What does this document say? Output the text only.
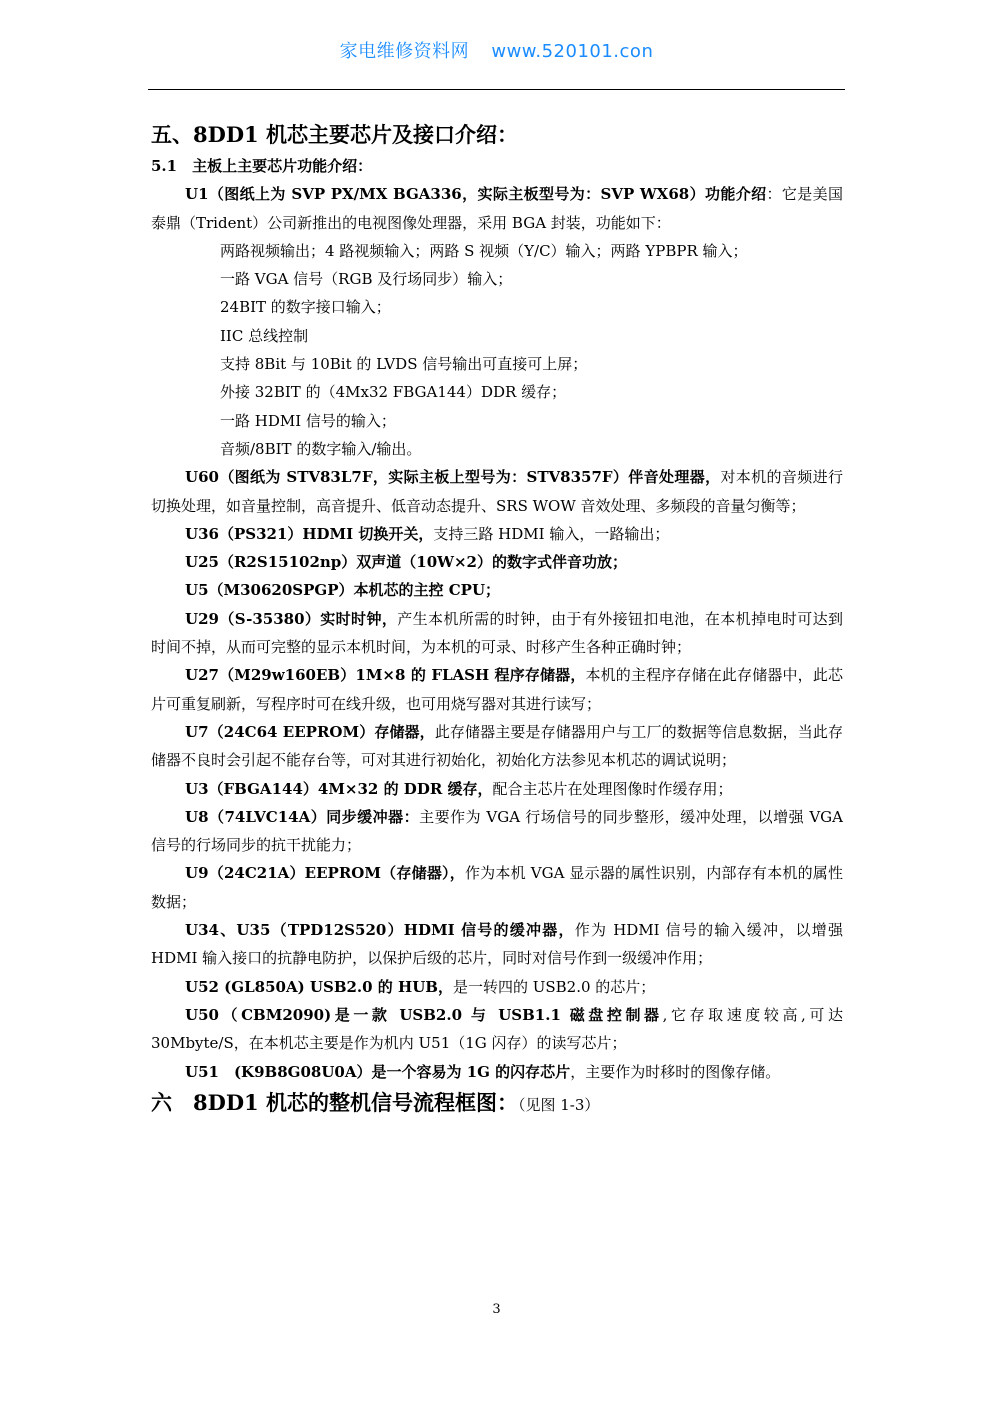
家电维修资料网 www.520101.con

五、8DD1 机芯主要芯片及接口介绍：

5.1　主板上主要芯片功能介绍：

U1（图纸上为 SVP PX/MX BGA336，实际主板型号为：SVP WX68）功能介绍：它是美国泰鼎（Trident）公司新推出的电视图像处理器，采用 BGA 封装，功能如下：

两路视频输出；4 路视频输入；两路 S 视频（Y/C）输入；两路 YPBPR 输入；

一路 VGA 信号（RGB 及行场同步）输入；

24BIT 的数字接口输入；

IIC 总线控制

支持 8Bit 与 10Bit 的 LVDS 信号输出可直接可上屏；

外接 32BIT 的（4Mx32 FBGA144）DDR 缓存；

一路 HDMI 信号的输入；

音频/8BIT 的数字输入/输出。

U60（图纸为 STV83L7F，实际主板上型号为：STV8357F）伴音处理器，对本机的音频进行切换处理，如音量控制，高音提升、低音动态提升、SRS WOW 音效处理、多频段的音量匀衡等；

U36（PS321）HDMI 切换开关，支持三路 HDMI 输入，一路输出；

U25（R2S15102np）双声道（10W×2）的数字式伴音功放；

U5（M30620SPGP）本机芯的主控 CPU；

U29（S-35380）实时时钟，产生本机所需的时钟，由于有外接钮扣电池，在本机掉电时可达到时间不掉，从而可完整的显示本机时间，为本机的可录、时移产生各种正确时钟；

U27（M29w160EB）1M×8 的 FLASH 程序存储器，本机的主程序存储在此存储器中，此芯片可重复刷新，写程序时可在线升级，也可用烧写器对其进行读写；

U7（24C64 EEPROM）存储器，此存储器主要是存储器用户与工厂的数据等信息数据，当此存储器不良时会引起不能存台等，可对其进行初始化，初始化方法参见本机芯的调试说明；

U3（FBGA144）4M×32 的 DDR 缓存，配合主芯片在处理图像时作缓存用；

U8（74LVC14A）同步缓冲器：主要作为 VGA 行场信号的同步整形，缓冲处理，以增强 VGA 信号的行场同步的抗干扰能力；

U9（24C21A）EEPROM（存储器），作为本机 VGA 显示器的属性识别，内部存有本机的属性数据；

U34、U35（TPD12S520）HDMI 信号的缓冲器，作为 HDMI 信号的输入缓冲，以增强 HDMI 输入接口的抗静电防护，以保护后级的芯片，同时对信号作到一级缓冲作用；

U52 (GL850A) USB2.0 的 HUB，是一转四的 USB2.0 的芯片；

U50（CBM2090)是一款 USB2.0 与 USB1.1 磁盘控制器,它存取速度较高,可达 30Mbyte/S，在本机芯主要是作为机内 U51（1G 闪存）的读写芯片；

U51　(K9B8G08U0A）是一个容易为 1G 的闪存芯片，主要作为时移时的图像存储。

六　8DD1 机芯的整机信号流程框图：（见图 1-3）

3
